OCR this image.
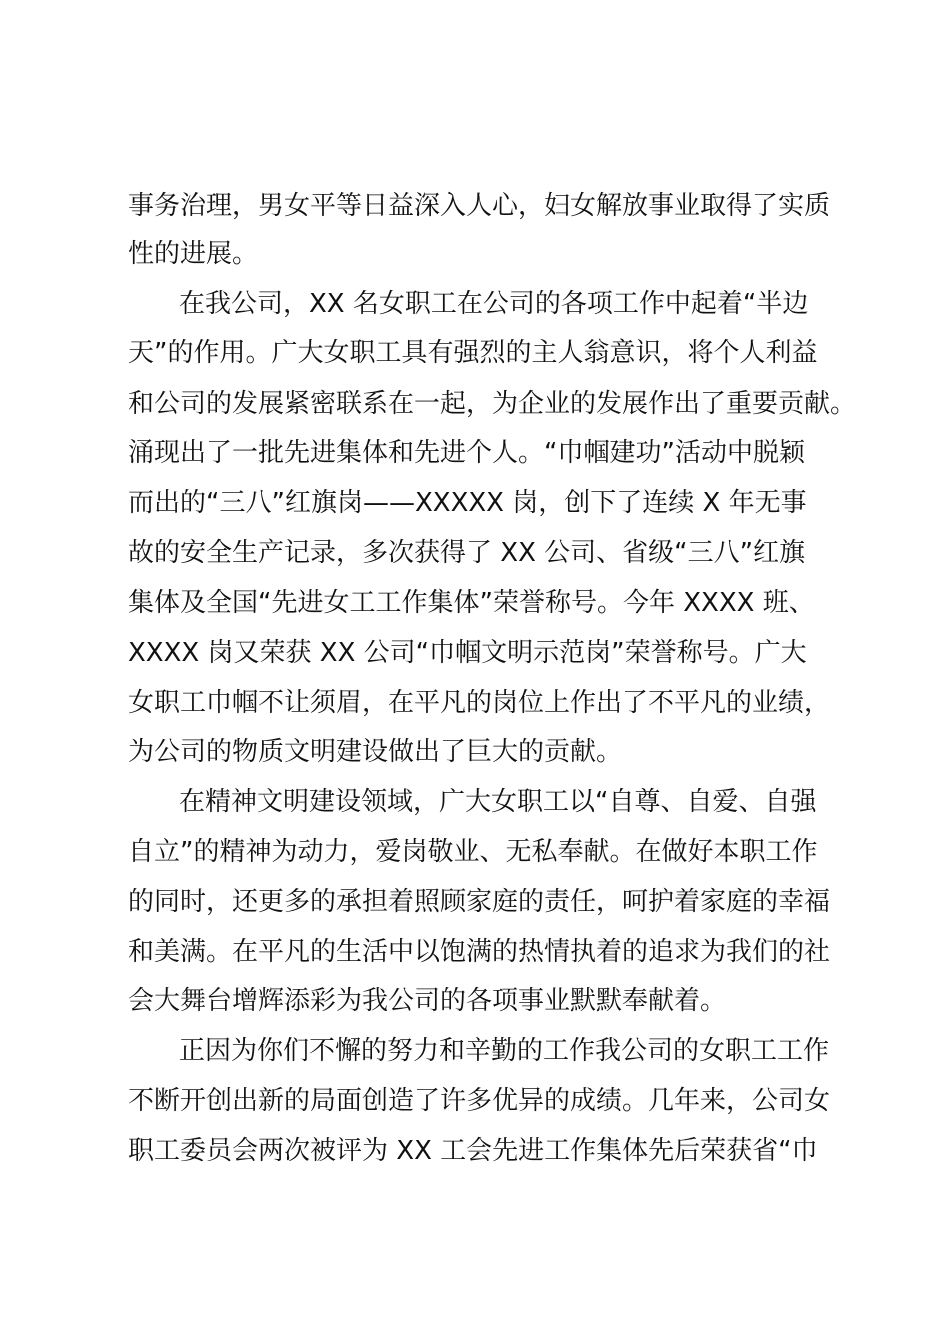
事务治理，男女平等日益深入人心，妇女解放事业取得了实质
性的进展。
在我公司，XX 名女职工在公司的各项工作中起着“半边
天”的作用。广大女职工具有强烈的主人翁意识，将个人利益
和公司的发展紧密联系在一起，为企业的发展作出了重要贡献。
涌现出了一批先进集体和先进个人。“巾帼建功”活动中脱颖
而出的“三八”红旗岗——XXXXX 岗，创下了连续 X 年无事
故的安全生产记录，多次获得了 XX 公司、省级“三八”红旗
集体及全国“先进女工工作集体”荣誉称号。今年 XXXX 班、
XXXX 岗又荣获 XX 公司“巾帼文明示范岗”荣誉称号。广大
女职工巾帼不让须眉，在平凡的岗位上作出了不平凡的业绩，
为公司的物质文明建设做出了巨大的贡献。
在精神文明建设领域，广大女职工以“自尊、自爱、自强
自立”的精神为动力，爱岗敬业、无私奉献。在做好本职工作
的同时，还更多的承担着照顾家庭的责任，呵护着家庭的幸福
和美满。在平凡的生活中以饱满的热情执着的追求为我们的社
会大舞台增辉添彩为我公司的各项事业默默奉献着。
正因为你们不懈的努力和辛勤的工作我公司的女职工工作
不断开创出新的局面创造了许多优异的成绩。几年来，公司女
职工委员会两次被评为 XX 工会先进工作集体先后荣获省“巾
